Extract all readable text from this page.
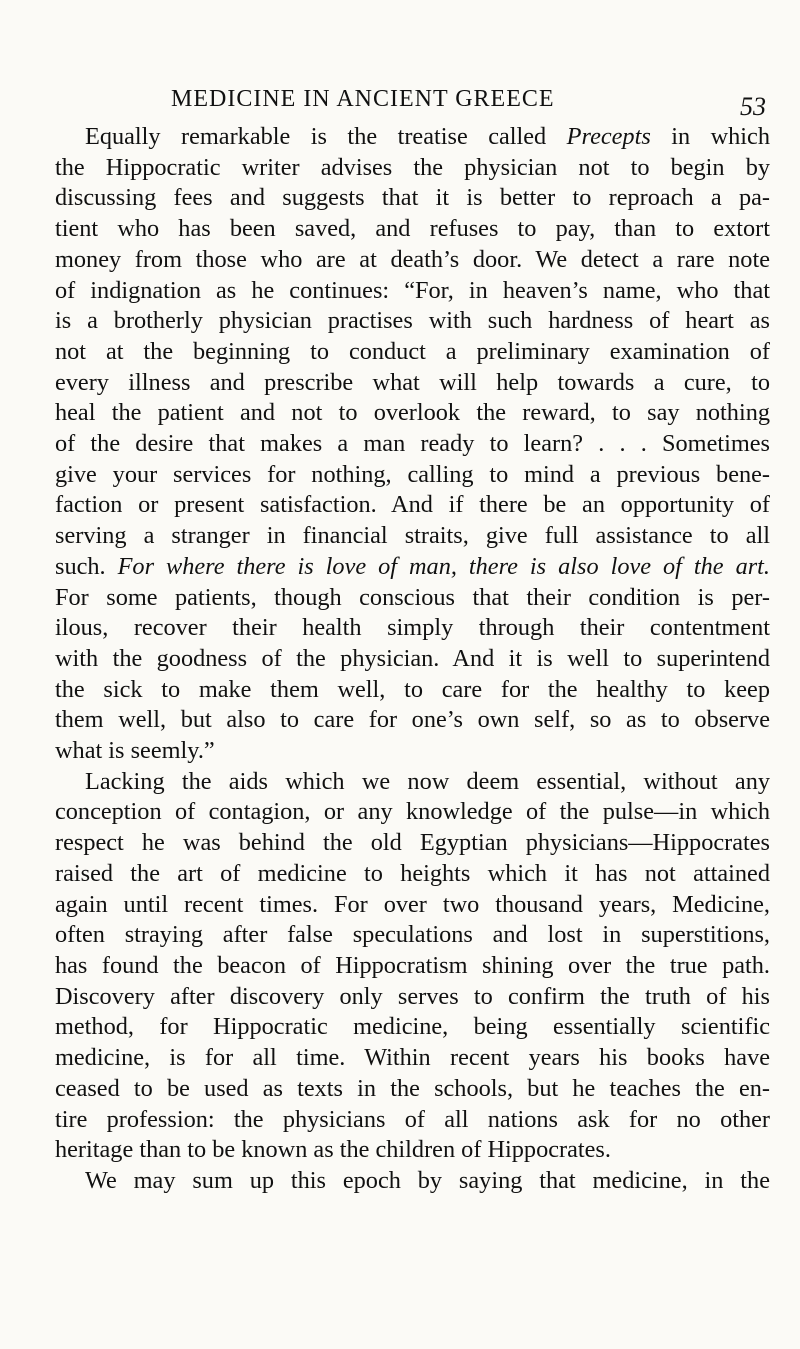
MEDICINE IN ANCIENT GREECE	53
Equally remarkable is the treatise called Precepts in which
the Hippocratic writer advises the physician not to begin by
discussing fees and suggests that it is better to reproach a pa-
tient who has been saved, and refuses to pay, than to extort
money from those who are at death’s door. We detect a rare note
of indignation as he continues: “For, in heaven’s name, who that
is a brotherly physician practises with such hardness of heart as
not at the beginning to conduct a preliminary examination of
every illness and prescribe what will help towards a cure, to
heal the patient and not to overlook the reward, to say nothing
of the desire that makes a man ready to learn? . . . Sometimes
give your services for nothing, calling to mind a previous bene-
faction or present satisfaction. And if there be an opportunity of
serving a stranger in financial straits, give full assistance to all
such. For where there is love of man, there is also love of the art.
For some patients, though conscious that their condition is per-
ilous, recover their health simply through their contentment
with the goodness of the physician. And it is well to superintend
the sick to make them well, to care for the healthy to keep
them well, but also to care for one’s own self, so as to observe
what is seemly.”
Lacking the aids which we now deem essential, without any
conception of contagion, or any knowledge of the pulse—in which
respect he was behind the old Egyptian physicians—Hippocrates
raised the art of medicine to heights which it has not attained
again until recent times. For over two thousand years, Medicine,
often straying after false speculations and lost in superstitions,
has found the beacon of Hippocratism shining over the true path.
Discovery after discovery only serves to confirm the truth of his
method, for Hippocratic medicine, being essentially scientific
medicine, is for all time. Within recent years his books have
ceased to be used as texts in the schools, but he teaches the en-
tire profession: the physicians of all nations ask for no other
heritage than to be known as the children of Hippocrates.
We may sum up this epoch by saying that medicine, in the
